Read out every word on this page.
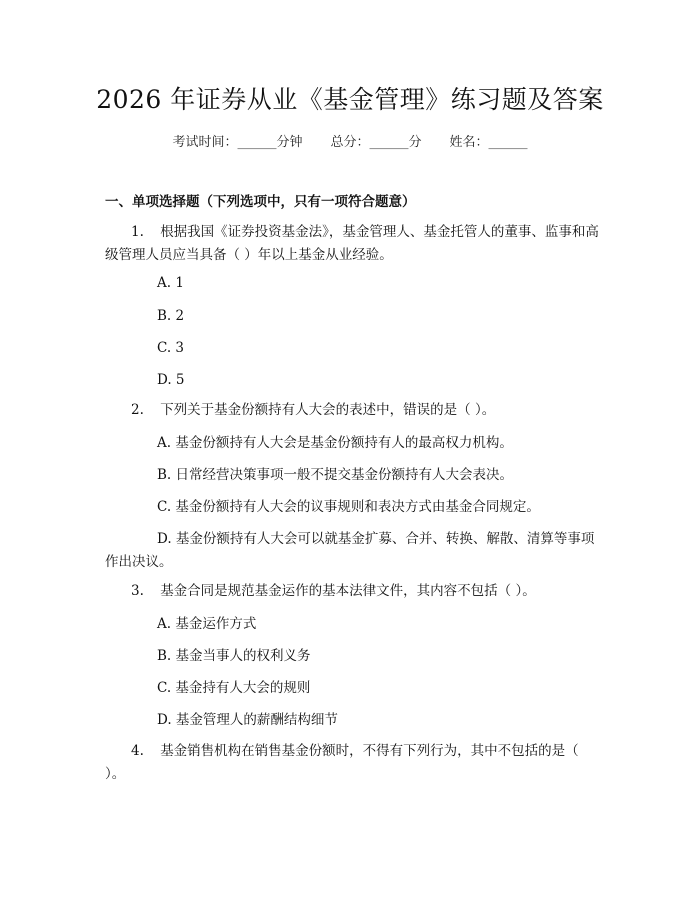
2026 年证券从业《基金管理》练习题及答案
考试时间：______分钟 总分：______分 姓名：______
一、单项选择题（下列选项中，只有一项符合题意）
1. 根据我国《证券投资基金法》，基金管理人、基金托管人的董事、监事和高级管理人员应当具备（ ）年以上基金从业经验。
A. 1
B. 2
C. 3
D. 5
2. 下列关于基金份额持有人大会的表述中，错误的是（ ）。
A. 基金份额持有人大会是基金份额持有人的最高权力机构。
B. 日常经营决策事项一般不提交基金份额持有人大会表决。
C. 基金份额持有人大会的议事规则和表决方式由基金合同规定。
D. 基金份额持有人大会可以就基金扩募、合并、转换、解散、清算等事项作出决议。
3. 基金合同是规范基金运作的基本法律文件，其内容不包括（ ）。
A. 基金运作方式
B. 基金当事人的权利义务
C. 基金持有人大会的规则
D. 基金管理人的薪酬结构细节
4. 基金销售机构在销售基金份额时，不得有下列行为，其中不包括的是（ ）。
